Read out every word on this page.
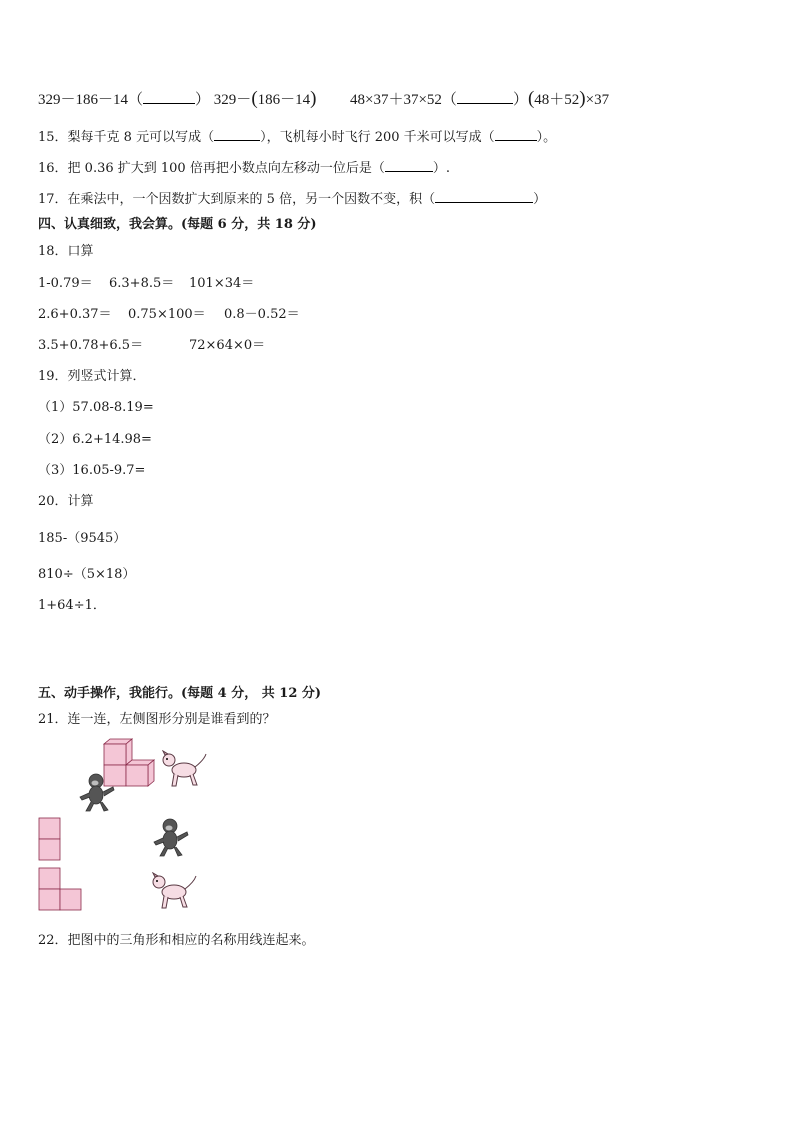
329－186－14（	） 329－(186－14) 48×37＋37×52（	）(48＋52)×37
15．梨每千克 8 元可以写成（	），飞机每小时飞行 200 千米可以写成（	）。
16．把 0.36 扩大到 100 倍再把小数点向左移动一位后是（	）.
17．在乘法中，一个因数扩大到原来的 5 倍，另一个因数不变，积（	）
四、认真细致，我会算。(每题 6 分，共 18 分)
18．口算
1-0.79＝ 6.3+8.5＝ 101×34＝
2.6+0.37＝ 0.75×100＝ 0.8－0.52＝
3.5+0.78+6.5＝	72×64×0＝
19．列竖式计算．
（1）57.08-8.19=
（2）6.2+14.98=
（3）16.05-9.7=
20．计算
185-（9545）
810÷（5×18）
1+64÷1．
五、动手操作，我能行。(每题 4 分， 共 12 分)
21．连一连，左侧图形分别是谁看到的？
22．把图中的三角形和相应的名称用线连起来。
